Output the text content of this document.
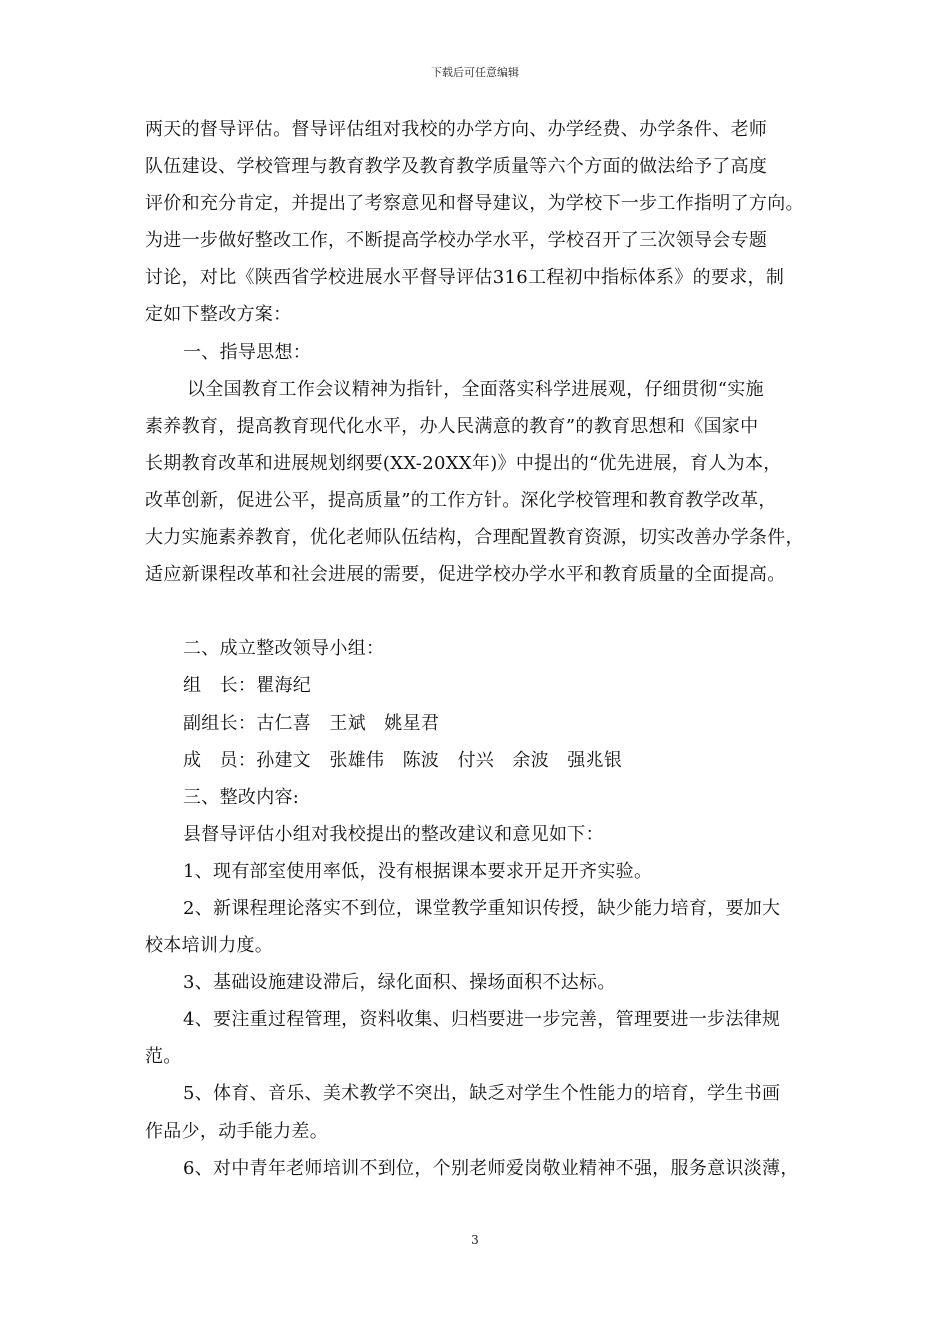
下载后可任意编辑
两天的督导评估。督导评估组对我校的办学方向、办学经费、办学条件、老师
队伍建设、学校管理与教育教学及教育教学质量等六个方面的做法给予了高度
评价和充分肯定，并提出了考察意见和督导建议，为学校下一步工作指明了方向。
为进一步做好整改工作，不断提高学校办学水平，学校召开了三次领导会专题
讨论，对比《陕西省学校进展水平督导评估316工程初中指标体系》的要求，制
定如下整改方案：
一、指导思想：
以全国教育工作会议精神为指针，全面落实科学进展观，仔细贯彻“实施
素养教育，提高教育现代化水平，办人民满意的教育”的教育思想和《国家中
长期教育改革和进展规划纲要(XX-20XX年)》中提出的“优先进展，育人为本，
改革创新，促进公平，提高质量”的工作方针。深化学校管理和教育教学改革，
大力实施素养教育，优化老师队伍结构，合理配置教育资源，切实改善办学条件，
适应新课程改革和社会进展的需要，促进学校办学水平和教育质量的全面提高。
二、成立整改领导小组：
组　长：瞿海纪
副组长：古仁喜　王斌　姚星君
成　员：孙建文　张雄伟　陈波　付兴　余波　强兆银
三、整改内容:
县督导评估小组对我校提出的整改建议和意见如下：
1、现有部室使用率低，没有根据课本要求开足开齐实验。
2、新课程理论落实不到位，课堂教学重知识传授，缺少能力培育，要加大
校本培训力度。
3、基础设施建设滞后，绿化面积、操场面积不达标。
4、要注重过程管理，资料收集、归档要进一步完善，管理要进一步法律规
范。
5、体育、音乐、美术教学不突出，缺乏对学生个性能力的培育，学生书画
作品少，动手能力差。
6、对中青年老师培训不到位，个别老师爱岗敬业精神不强，服务意识淡薄，
3
